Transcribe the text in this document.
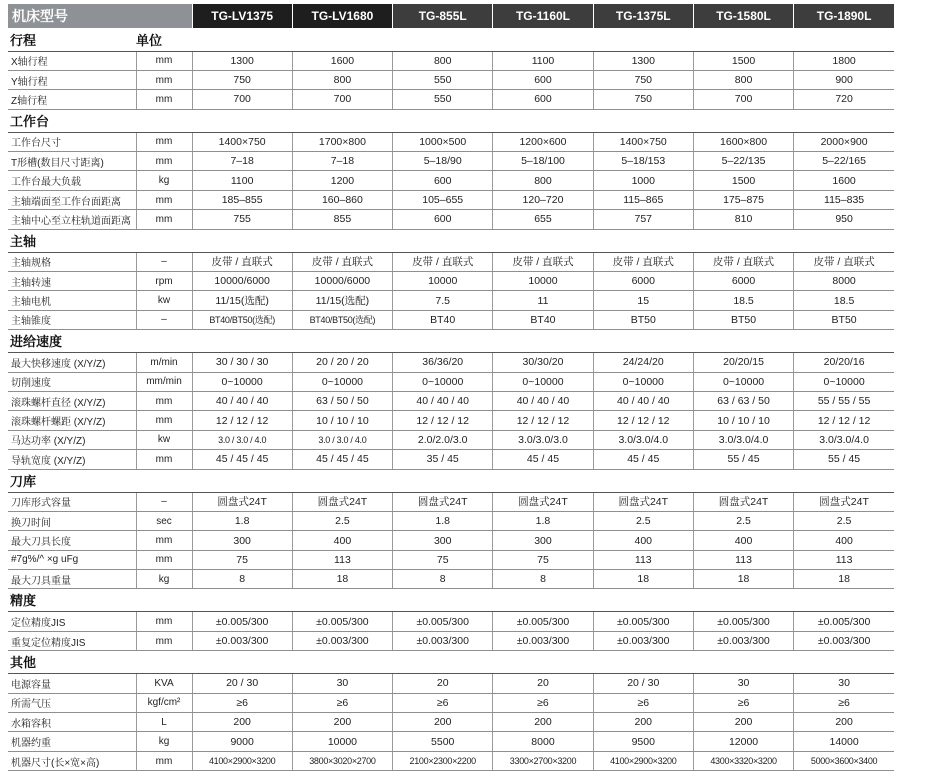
机床型号		TG-LV1375	TG-LV1680	TG-855L	TG-1160L	TG-1375L	TG-1580L	TG-1890L
行程	单位							
X轴行程	mm	1300	1600	800	1100	1300	1500	1800
Y轴行程	mm	750	800	550	600	750	800	900
Z轴行程	mm	700	700	550	600	750	700	720
工作台								
工作台尺寸	mm	1400×750	1700×800	1000×500	1200×600	1400×750	1600×800	2000×900
T形槽(数目尺寸距离)	mm	7–18	7–18	5–18/90	5–18/100	5–18/153	5–22/135	5–22/165
工作台最大负载	kg	1100	1200	600	800	1000	1500	1600
主轴端面至工作台面距离	mm	185–855	160–860	105–655	120–720	115–865	175–875	115–835
主轴中心至立柱轨道面距离	mm	755	855	600	655	757	810	950
主轴								
主轴规格	–	皮带 / 直联式	皮带 / 直联式	皮带 / 直联式	皮带 / 直联式	皮带 / 直联式	皮带 / 直联式	皮带 / 直联式
主轴转速	rpm	10000/6000	10000/6000	10000	10000	6000	6000	8000
主轴电机	kw	11/15(选配)	11/15(选配)	7.5	11	15	18.5	18.5
主轴锥度	–	BT40/BT50(选配)	BT40/BT50(选配)	BT40	BT40	BT50	BT50	BT50
进给速度								
最大快移速度 (X/Y/Z)	m/min	30 / 30 / 30	20 / 20 / 20	36/36/20	30/30/20	24/24/20	20/20/15	20/20/16
切削速度	mm/min	0~10000	0~10000	0~10000	0~10000	0~10000	0~10000	0~10000
滚珠螺杆直径 (X/Y/Z)	mm	40 / 40 / 40	63 / 50 / 50	40 / 40 / 40	40 / 40 / 40	40 / 40 / 40	63 / 63 / 50	55 / 55 / 55
滚珠螺杆螺距 (X/Y/Z)	mm	12 / 12 / 12	10 / 10 / 10	12 / 12 / 12	12 / 12 / 12	12 / 12 / 12	10 / 10 / 10	12 / 12 / 12
马达功率 (X/Y/Z)	kw	3.0 / 3.0 / 4.0	3.0 / 3.0 / 4.0	2.0/2.0/3.0	3.0/3.0/3.0	3.0/3.0/4.0	3.0/3.0/4.0	3.0/3.0/4.0
导轨宽度 (X/Y/Z)	mm	45 / 45 / 45	45 / 45 / 45	35 / 45	45 / 45	45 / 45	55 / 45	55 / 45
刀库								
刀库形式容量	–	圆盘式24T	圆盘式24T	圆盘式24T	圆盘式24T	圆盘式24T	圆盘式24T	圆盘式24T
换刀时间	sec	1.8	2.5	1.8	1.8	2.5	2.5	2.5
最大刀具长度	mm	300	400	300	300	400	400	400
#7g%/^ ×g uFg	mm	75	113	75	75	113	113	113
最大刀具重量	kg	8	18	8	8	18	18	18
精度								
定位精度JIS	mm	±0.005/300	±0.005/300	±0.005/300	±0.005/300	±0.005/300	±0.005/300	±0.005/300
重复定位精度JIS	mm	±0.003/300	±0.003/300	±0.003/300	±0.003/300	±0.003/300	±0.003/300	±0.003/300
其他								
电源容量	KVA	20 / 30	30	20	20	20 / 30	30	30
所需气压	kgf/cm²	≥6	≥6	≥6	≥6	≥6	≥6	≥6
水箱容积	L	200	200	200	200	200	200	200
机器约重	kg	9000	10000	5500	8000	9500	12000	14000
机器尺寸(长×宽×高)	mm	4100×2900×3200	3800×3020×2700	2100×2300×2200	3300×2700×3200	4100×2900×3200	4300×3320×3200	5000×3600×3400
